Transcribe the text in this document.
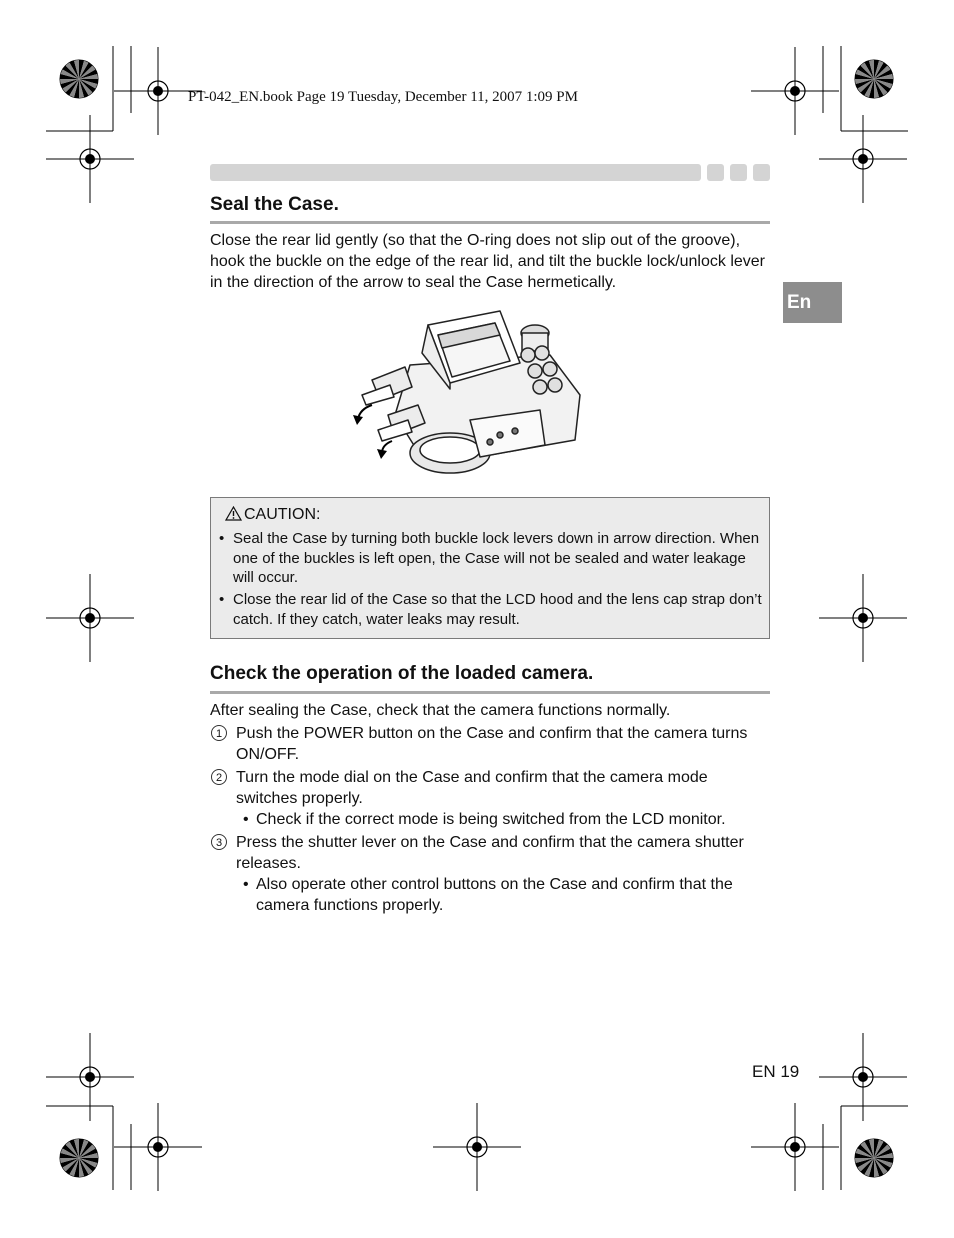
PT-042_EN.book Page 19 Tuesday, December 11, 2007 1:09 PM
En
Seal the Case.
Close the rear lid gently (so that the O-ring does not slip out of the groove), hook the buckle on the edge of the rear lid, and tilt the buckle lock/unlock lever in the direction of the arrow to seal the Case hermetically.
CAUTION:
• Seal the Case by turning both buckle lock levers down in arrow direction. When one of the buckles is left open, the Case will not be sealed and water leakage will occur.
• Close the rear lid of the Case so that the LCD hood and the lens cap strap don’t catch. If they catch, water leaks may result.
Check the operation of the loaded camera.
After sealing the Case, check that the camera functions normally.
1 Push the POWER button on the Case and confirm that the camera turns ON/OFF.
2 Turn the mode dial on the Case and confirm that the camera mode switches properly.
• Check if the correct mode is being switched from the LCD monitor.
3 Press the shutter lever on the Case and confirm that the camera shutter releases.
• Also operate other control buttons on the Case and confirm that the camera functions properly.
EN 19
